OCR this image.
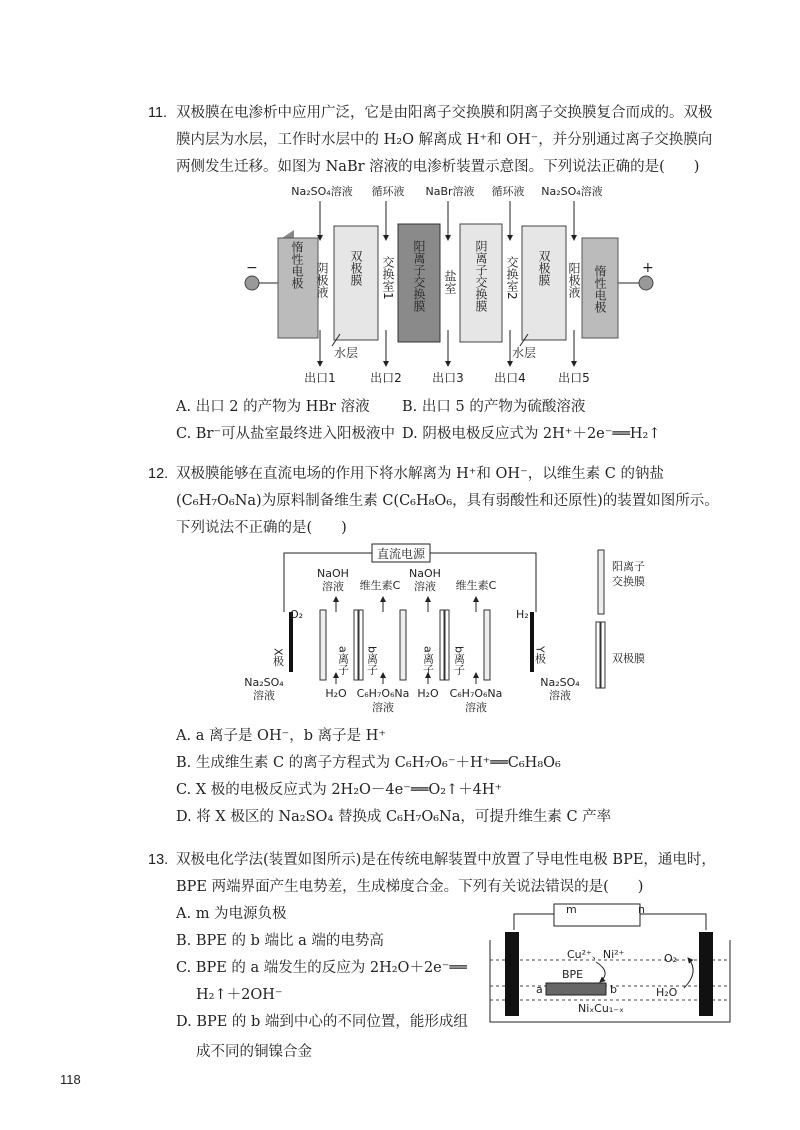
11. 双极膜在电渗析中应用广泛，它是由阳离子交换膜和阴离子交换膜复合而成的。双极
膜内层为水层，工作时水层中的 H₂O 解离成 H⁺和 OH⁻，并分别通过离子交换膜向
两侧发生迁移。如图为 NaBr 溶液的电渗析装置示意图。下列说法正确的是(　　)
Na₂SO₄溶液 循环液 NaBr溶液 循环液 Na₂SO₄溶液
−	+
惰性电极	双极膜	阳离子交换膜	阴离子交换膜	双极膜	惰性电极
阴极液	交换室1	盐室	交换室2	阳极液
水层	水层
出口1	出口2	出口3	出口4	出口5
直流电源
NaOH
溶液 维生素C
NaOH
溶液 维生素C
O₂	H₂
X极	Y极
a离子 b离子	a离子 b离子
Na₂SO₄
溶液	H₂O C₆H₇O₆Na
溶液
H₂O C₆H₇O₆Na
溶液
Na₂SO₄
溶液
阳离子
交换膜
双极膜
m	n
a	b
BPE
Cu²⁺、Ni²⁺	O₂
H₂O
NiₓCu₁₋ₓ
A. 出口 2 的产物为 HBr 溶液 B. 出口 5 的产物为硫酸溶液
C. Br⁻可从盐室最终进入阳极液中 D. 阴极电极反应式为 2H⁺＋2e⁻══H₂↑
12. 双极膜能够在直流电场的作用下将水解离为 H⁺和 OH⁻，以维生素 C 的钠盐
(C₆H₇O₆Na)为原料制备维生素 C(C₆H₈O₆，具有弱酸性和还原性)的装置如图所示。
下列说法不正确的是(　　)
A. a 离子是 OH⁻，b 离子是 H⁺
B. 生成维生素 C 的离子方程式为 C₆H₇O₆⁻＋H⁺══C₆H₈O₆
C. X 极的电极反应式为 2H₂O－4e⁻══O₂↑＋4H⁺
D. 将 X 极区的 Na₂SO₄ 替换成 C₆H₇O₆Na，可提升维生素 C 产率
13. 双极电化学法(装置如图所示)是在传统电解装置中放置了导电性电极 BPE，通电时，
BPE 两端界面产生电势差，生成梯度合金。下列有关说法错误的是(　　)
A. m 为电源负极
B. BPE 的 b 端比 a 端的电势高
C. BPE 的 a 端发生的反应为 2H₂O＋2e⁻══
H₂↑＋2OH⁻
D. BPE 的 b 端到中心的不同位置，能形成组
成不同的铜镍合金
118
